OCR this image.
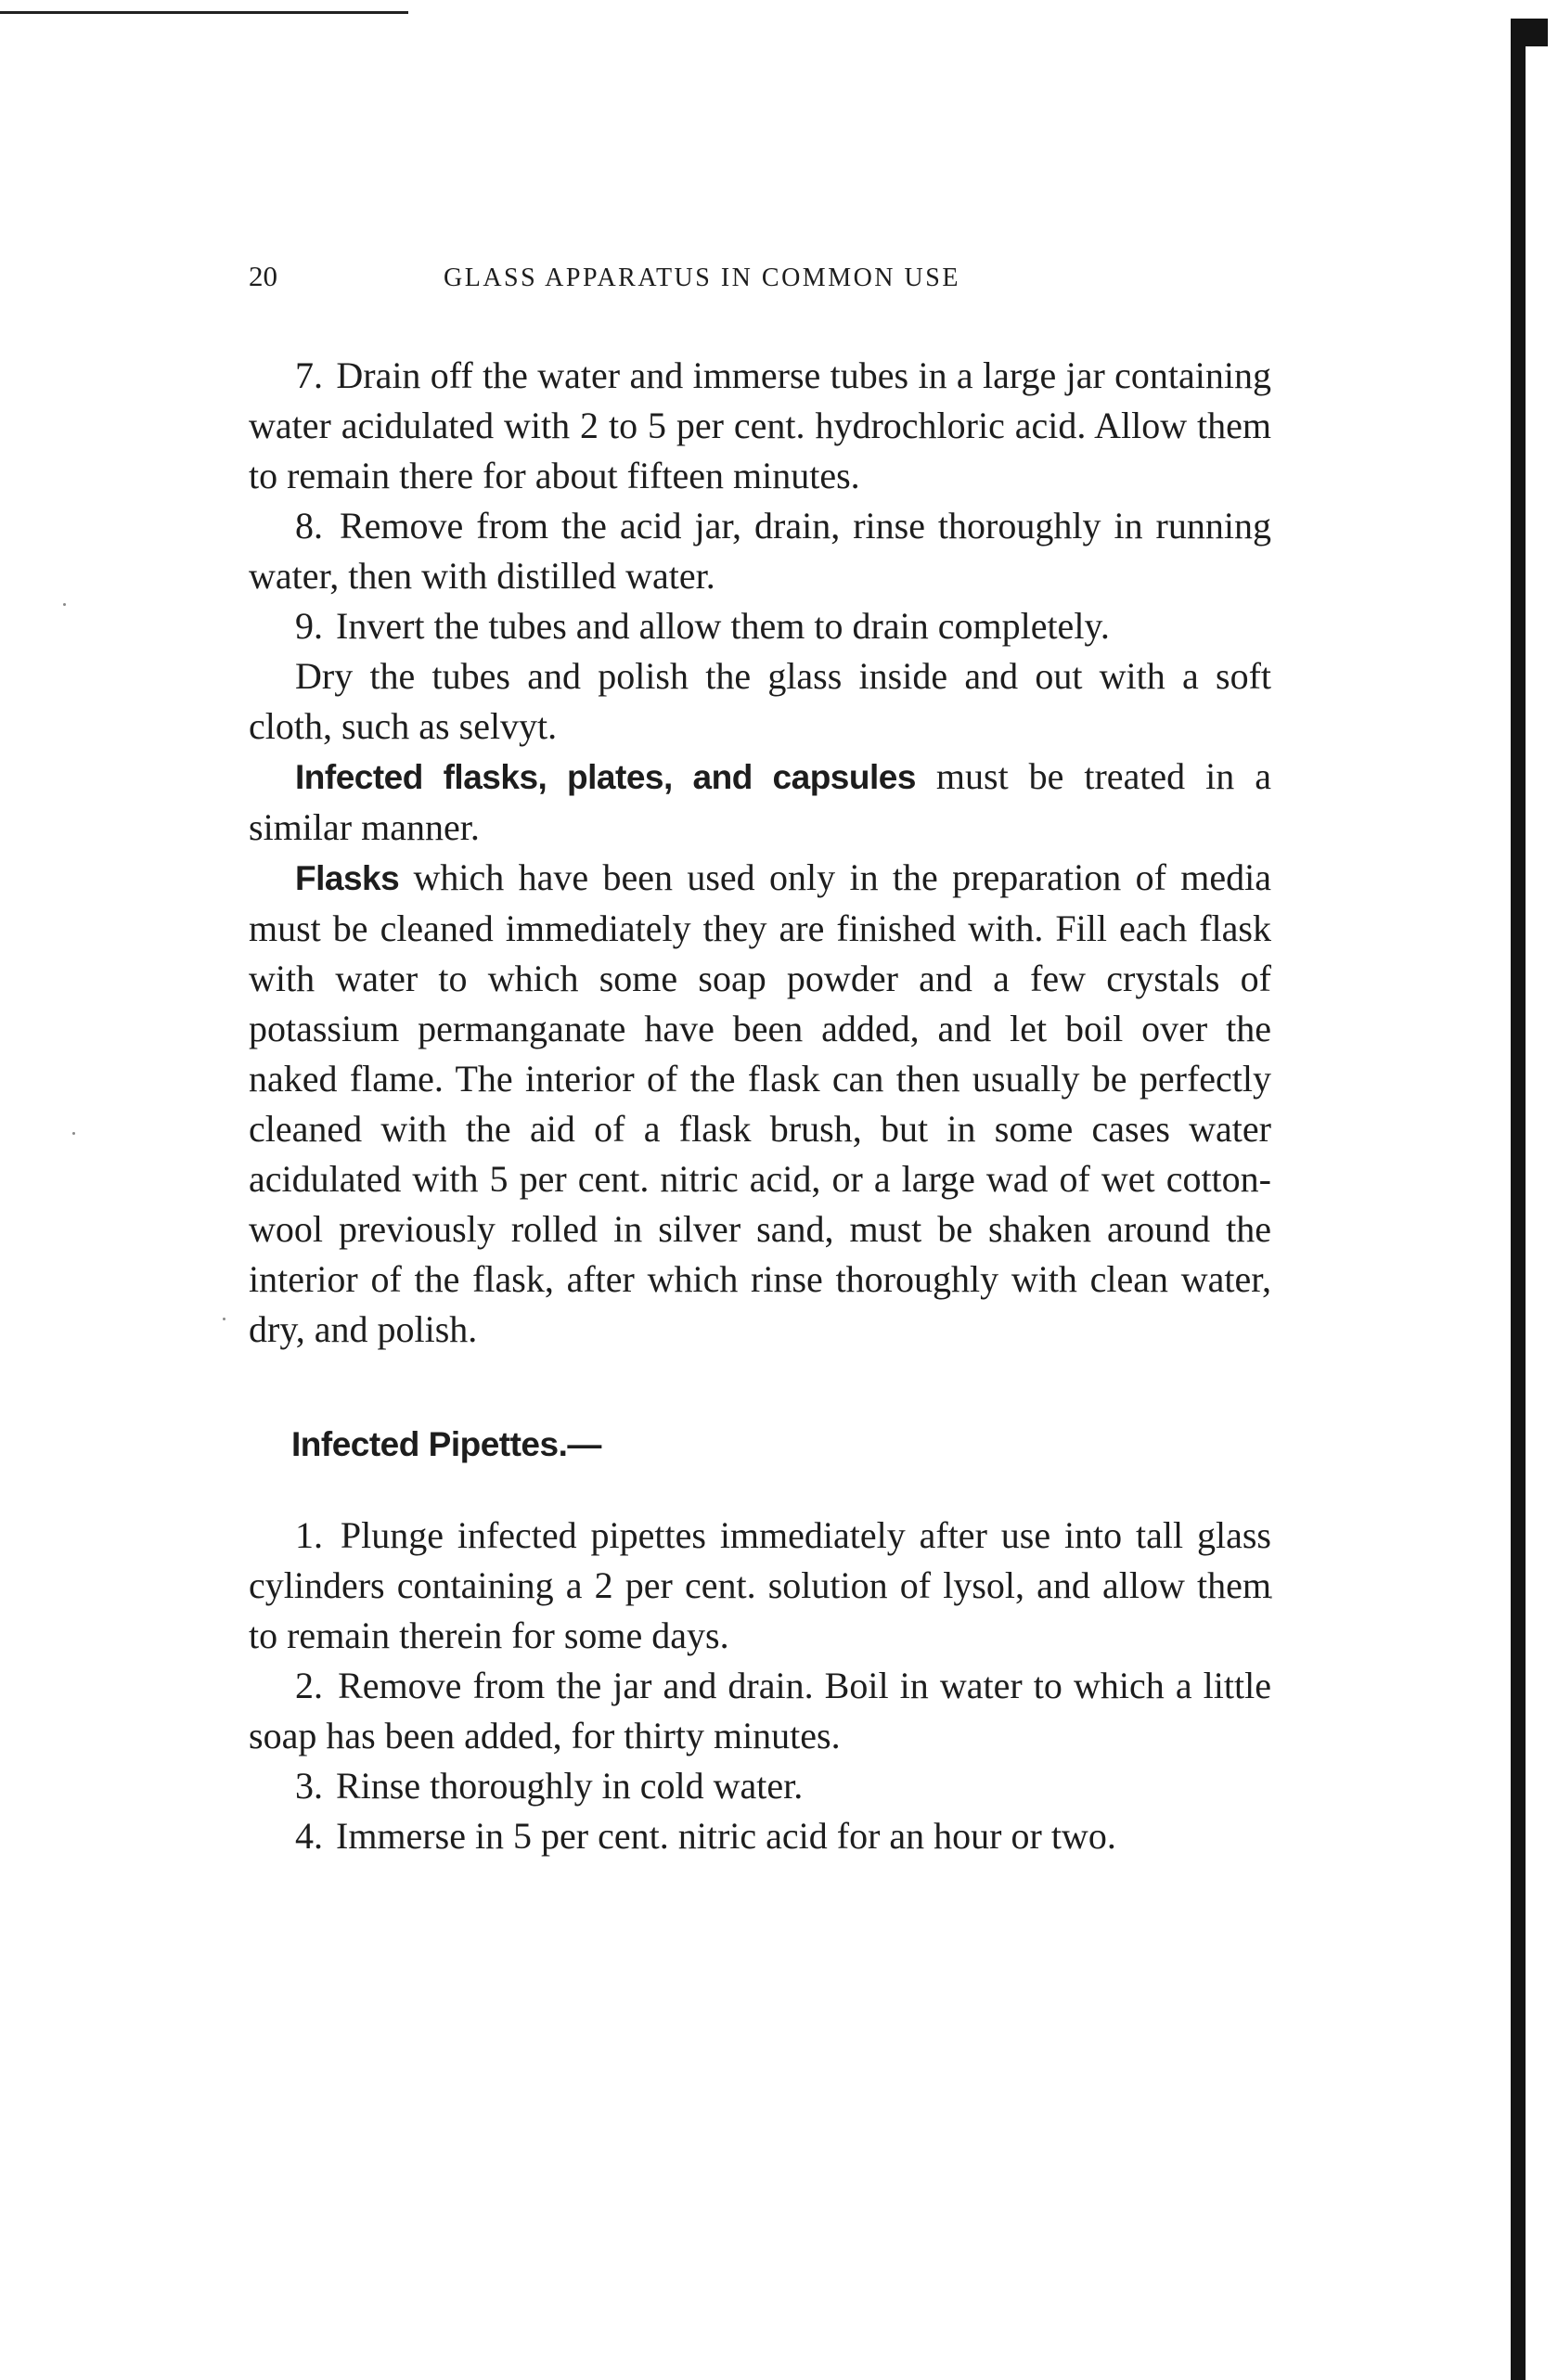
20	GLASS APPARATUS IN COMMON USE

7. Drain off the water and immerse tubes in a large jar containing water acidulated with 2 to 5 per cent. hydrochloric acid. Allow them to remain there for about fifteen minutes.

8. Remove from the acid jar, drain, rinse thoroughly in running water, then with distilled water.

9. Invert the tubes and allow them to drain completely.

Dry the tubes and polish the glass inside and out with a soft cloth, such as selvyt.

Infected flasks, plates, and capsules must be treated in a similar manner.

Flasks which have been used only in the preparation of media must be cleaned immediately they are finished with. Fill each flask with water to which some soap powder and a few crystals of potassium permanganate have been added, and let boil over the naked flame. The interior of the flask can then usually be perfectly cleaned with the aid of a flask brush, but in some cases water acidulated with 5 per cent. nitric acid, or a large wad of wet cotton-wool previously rolled in silver sand, must be shaken around the interior of the flask, after which rinse thoroughly with clean water, dry, and polish.

Infected Pipettes.—

1. Plunge infected pipettes immediately after use into tall glass cylinders containing a 2 per cent. solution of lysol, and allow them to remain therein for some days.

2. Remove from the jar and drain. Boil in water to which a little soap has been added, for thirty minutes.

3. Rinse thoroughly in cold water.

4. Immerse in 5 per cent. nitric acid for an hour or two.
